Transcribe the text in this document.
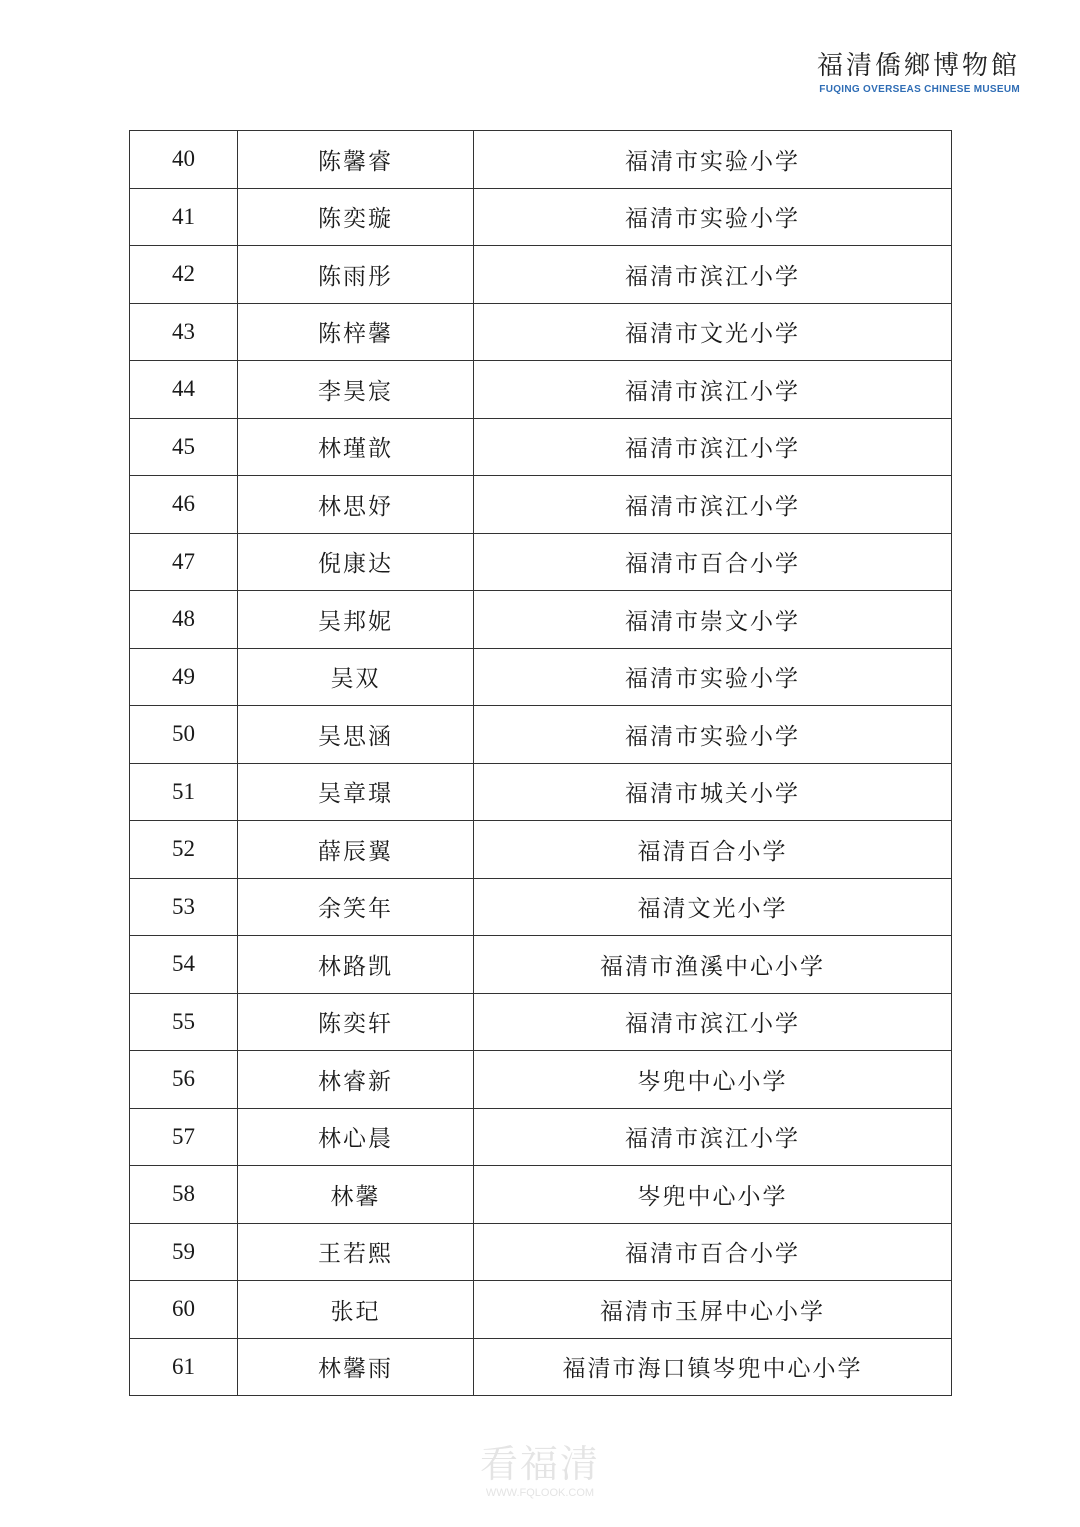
福清僑鄉博物館
FUQING OVERSEAS CHINESE MUSEUM
40	陈馨睿	福清市实验小学
41	陈奕璇	福清市实验小学
42	陈雨彤	福清市滨江小学
43	陈梓馨	福清市文光小学
44	李昊宸	福清市滨江小学
45	林瑾歆	福清市滨江小学
46	林思妤	福清市滨江小学
47	倪康达	福清市百合小学
48	吴邦妮	福清市崇文小学
49	吴双	福清市实验小学
50	吴思涵	福清市实验小学
51	吴章璟	福清市城关小学
52	薛辰翼	福清百合小学
53	余笑年	福清文光小学
54	林路凯	福清市渔溪中心小学
55	陈奕轩	福清市滨江小学
56	林睿新	岑兜中心小学
57	林心晨	福清市滨江小学
58	林馨	岑兜中心小学
59	王若熙	福清市百合小学
60	张玘	福清市玉屏中心小学
61	林馨雨	福清市海口镇岑兜中心小学
看福清
WWW.FQLOOK.COM
